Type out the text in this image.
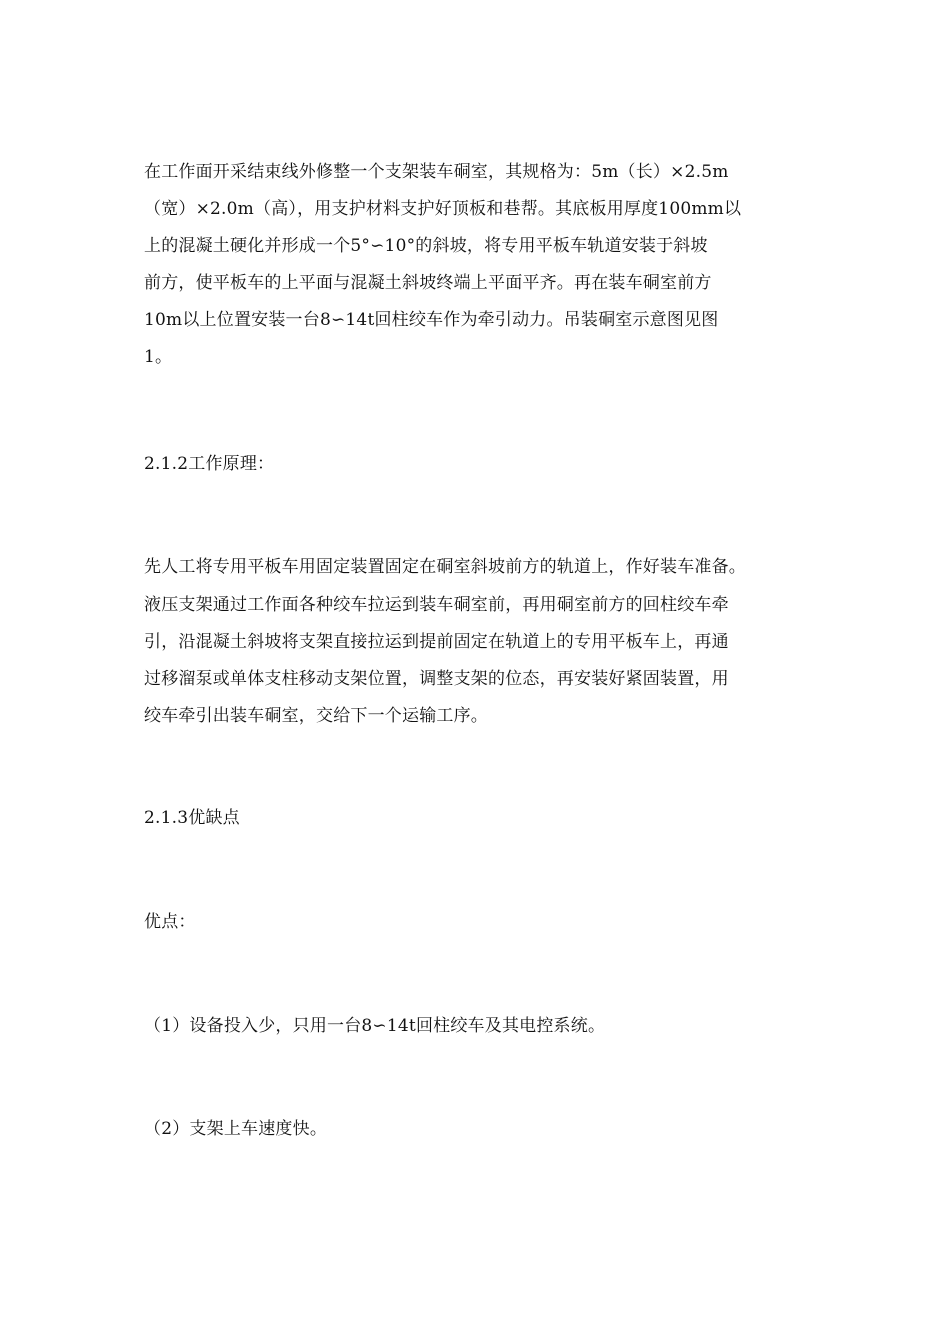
在工作面开采结束线外修整一个支架装车硐室，其规格为：5m（长）×2.5m
（宽）×2.0m（高），用支护材料支护好顶板和巷帮。其底板用厚度100mm以
上的混凝土硬化并形成一个5°∽10°的斜坡，将专用平板车轨道安装于斜坡
前方，使平板车的上平面与混凝土斜坡终端上平面平齐。再在装车硐室前方
10m以上位置安装一台8∽14t回柱绞车作为牵引动力。吊装硐室示意图见图
1。
2.1.2工作原理：
先人工将专用平板车用固定装置固定在硐室斜坡前方的轨道上，作好装车准备。
液压支架通过工作面各种绞车拉运到装车硐室前，再用硐室前方的回柱绞车牵
引，沿混凝土斜坡将支架直接拉运到提前固定在轨道上的专用平板车上，再通
过移溜泵或单体支柱移动支架位置，调整支架的位态，再安装好紧固装置，用
绞车牵引出装车硐室，交给下一个运输工序。
2.1.3优缺点
优点：
（1）设备投入少，只用一台8∽14t回柱绞车及其电控系统。
（2）支架上车速度快。
